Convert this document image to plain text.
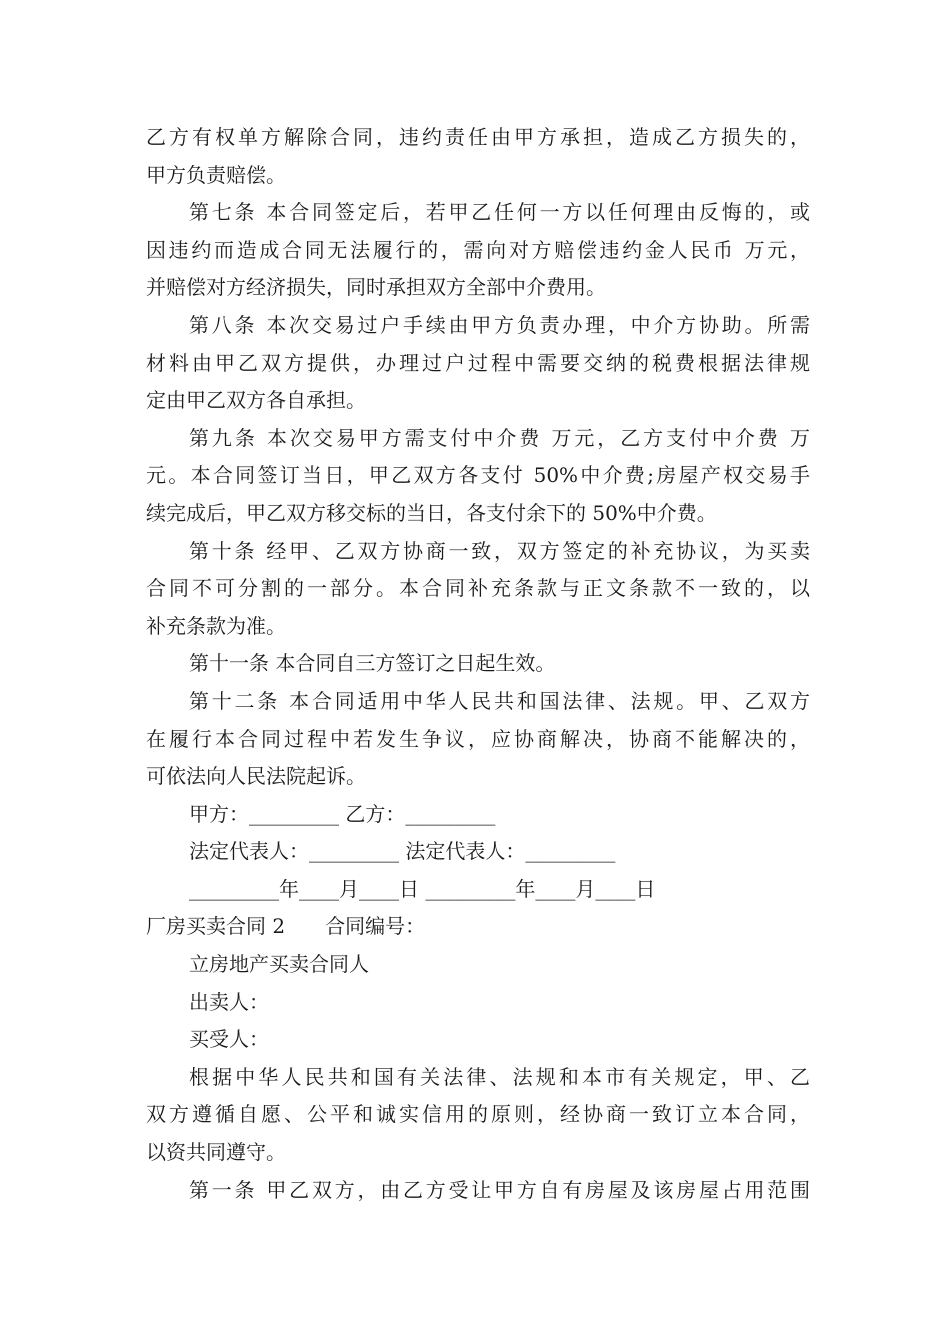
乙方有权单方解除合同，违约责任由甲方承担，造成乙方损失的，
甲方负责赔偿。
第七条 本合同签定后，若甲乙任何一方以任何理由反悔的，或
因违约而造成合同无法履行的，需向对方赔偿违约金人民币 万元，
并赔偿对方经济损失，同时承担双方全部中介费用。
第八条 本次交易过户手续由甲方负责办理，中介方协助。所需
材料由甲乙双方提供，办理过户过程中需要交纳的税费根据法律规
定由甲乙双方各自承担。
第九条 本次交易甲方需支付中介费 万元，乙方支付中介费 万
元。本合同签订当日，甲乙双方各支付 50%中介费;房屋产权交易手
续完成后，甲乙双方移交标的当日，各支付余下的 50%中介费。
第十条 经甲、乙双方协商一致，双方签定的补充协议，为买卖
合同不可分割的一部分。本合同补充条款与正文条款不一致的，以
补充条款为准。
第十一条 本合同自三方签订之日起生效。
第十二条 本合同适用中华人民共和国法律、法规。甲、乙双方
在履行本合同过程中若发生争议，应协商解决，协商不能解决的，
可依法向人民法院起诉。
甲方：_________ 乙方：_________
法定代表人：_________ 法定代表人：_________
_________年____月____日 _________年____月____日
厂房买卖合同 2 合同编号：
立房地产买卖合同人
出卖人：
买受人：
根据中华人民共和国有关法律、法规和本市有关规定，甲、乙
双方遵循自愿、公平和诚实信用的原则，经协商一致订立本合同，
以资共同遵守。
第一条 甲乙双方，由乙方受让甲方自有房屋及该房屋占用范围
